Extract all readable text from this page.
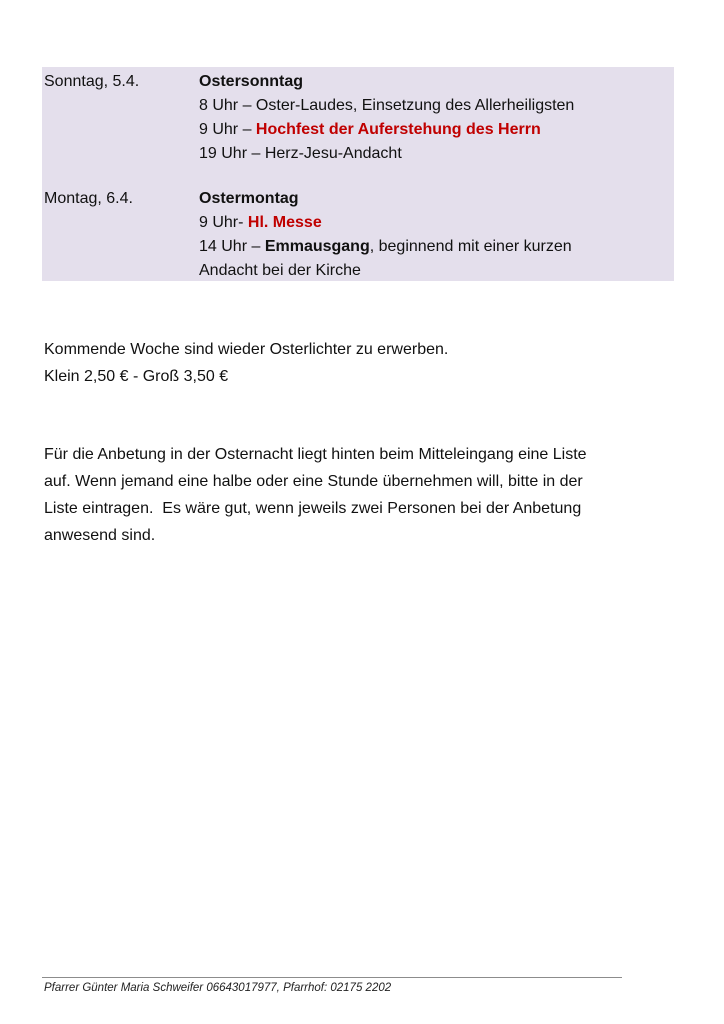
Sonntag, 5.4.	Ostersonntag
8 Uhr – Oster-Laudes, Einsetzung des Allerheiligsten
9 Uhr – Hochfest der Auferstehung des Herrn
19 Uhr – Herz-Jesu-Andacht
Montag, 6.4.	Ostermontag
9 Uhr- Hl. Messe
14 Uhr – Emmausgang, beginnend mit einer kurzen
Andacht bei der Kirche
Kommende Woche sind wieder Osterlichter zu erwerben.
Klein 2,50 € - Groß 3,50 €
Für die Anbetung in der Osternacht liegt hinten beim Mitteleingang eine Liste
auf. Wenn jemand eine halbe oder eine Stunde übernehmen will, bitte in der
Liste eintragen.  Es wäre gut, wenn jeweils zwei Personen bei der Anbetung
anwesend sind.
Pfarrer Günter Maria Schweifer 06643017977, Pfarrhof: 02175 2202
